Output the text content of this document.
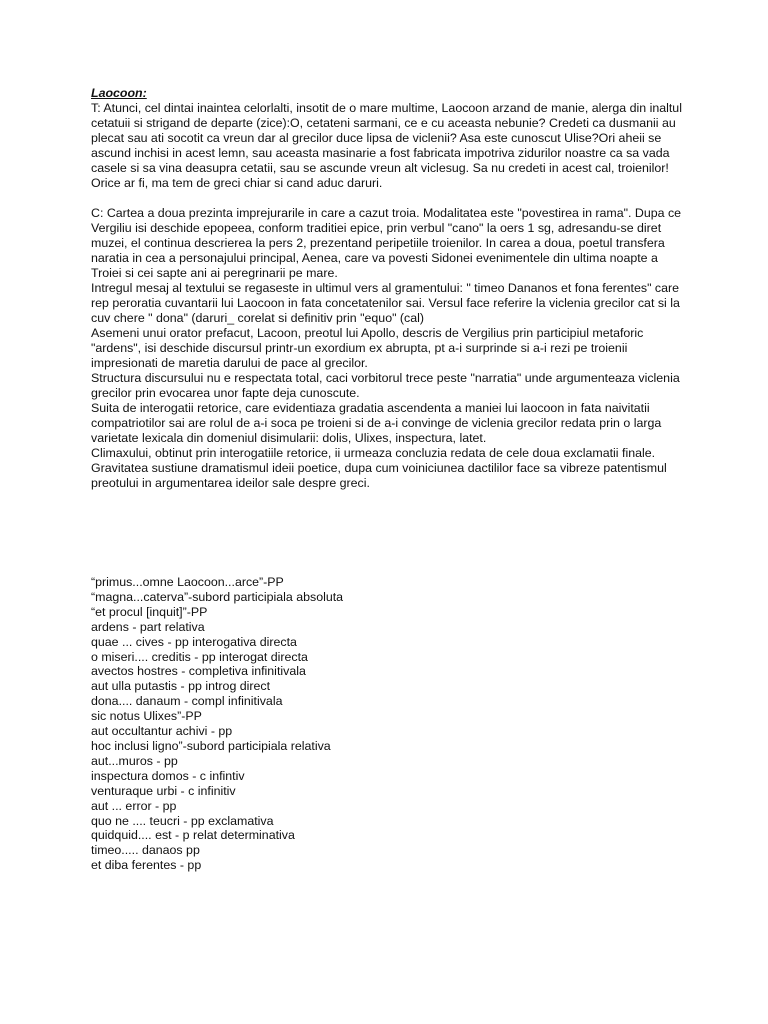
Laocoon:

T: Atunci, cel dintai inaintea celorlalti, insotit de o mare multime, Laocoon arzand de manie, alerga din inaltul cetatuii si strigand de departe (zice):O, cetateni sarmani, ce e cu aceasta nebunie? Credeti ca dusmanii au plecat sau ati socotit ca vreun dar al grecilor duce lipsa de viclenii? Asa este cunoscut Ulise?Ori aheii se ascund inchisi in acest lemn, sau aceasta masinarie a fost fabricata impotriva zidurilor noastre ca sa vada casele si sa vina deasupra cetatii, sau se ascunde vreun alt viclesug. Sa nu credeti in acest cal, troienilor! Orice ar fi, ma tem de greci chiar si cand aduc daruri.

C: Cartea a doua prezinta imprejurarile in care a cazut troia. Modalitatea este "povestirea in rama". Dupa ce Vergiliu isi deschide epopeea, conform traditiei epice, prin verbul "cano" la oers 1 sg, adresandu-se diret muzei, el continua descrierea la pers 2, prezentand peripetiile troienilor. In carea a doua, poetul transfera naratia in cea a personajului principal, Aenea, care va povesti Sidonei evenimentele din ultima noapte a Troiei si cei sapte ani ai peregrinarii pe mare.

Intregul mesaj al textului se regaseste in ultimul vers al gramentului: " timeo Dananos et fona ferentes" care rep peroratia cuvantarii lui Laocoon in fata concetatenilor sai. Versul face referire la viclenia grecilor cat si la cuv chere " dona" (daruri_ corelat si definitiv prin "equo" (cal)

Asemeni unui orator prefacut, Lacoon, preotul lui Apollo, descris de Vergilius prin participiul metaforic "ardens", isi deschide discursul printr-un exordium ex abrupta, pt a-i surprinde si a-i rezi pe troienii impresionati de maretia darului de pace al grecilor.

Structura discursului nu e respectata total, caci vorbitorul trece peste "narratia" unde argumenteaza viclenia grecilor prin evocarea unor fapte deja cunoscute.

Suita de interogatii retorice, care evidentiaza gradatia ascendenta a maniei lui laocoon in fata naivitatii compatriotilor sai are rolul de a-i soca pe troieni si de a-i convinge de viclenia grecilor redata prin o larga varietate lexicala din domeniul disimularii: dolis, Ulixes, inspectura, latet.

Climaxului, obtinut prin interogatiile retorice, ii urmeaza concluzia redata de cele doua exclamatii finale. Gravitatea sustiune dramatismul ideii poetice, dupa cum voiniciunea dactililor face sa vibreze patentismul preotului in argumentarea ideilor sale despre greci.

“primus...omne Laocoon...arce”-PP

“magna...caterva”-subord participiala absoluta

“et procul [inquit]”-PP

ardens - part relativa

quae ... cives - pp interogativa directa

o miseri.... creditis - pp interogat directa

avectos hostres - completiva infinitivala

aut ulla putastis - pp introg direct

dona.... danaum - compl infinitivala

sic notus Ulixes”-PP

aut occultantur achivi - pp

hoc inclusi ligno”-subord participiala relativa

aut...muros - pp

inspectura domos - c infintiv

venturaque urbi - c infinitiv

aut ... error - pp

quo ne .... teucri - pp exclamativa

quidquid.... est - p relat determinativa

timeo..... danaos pp

et diba ferentes - pp
